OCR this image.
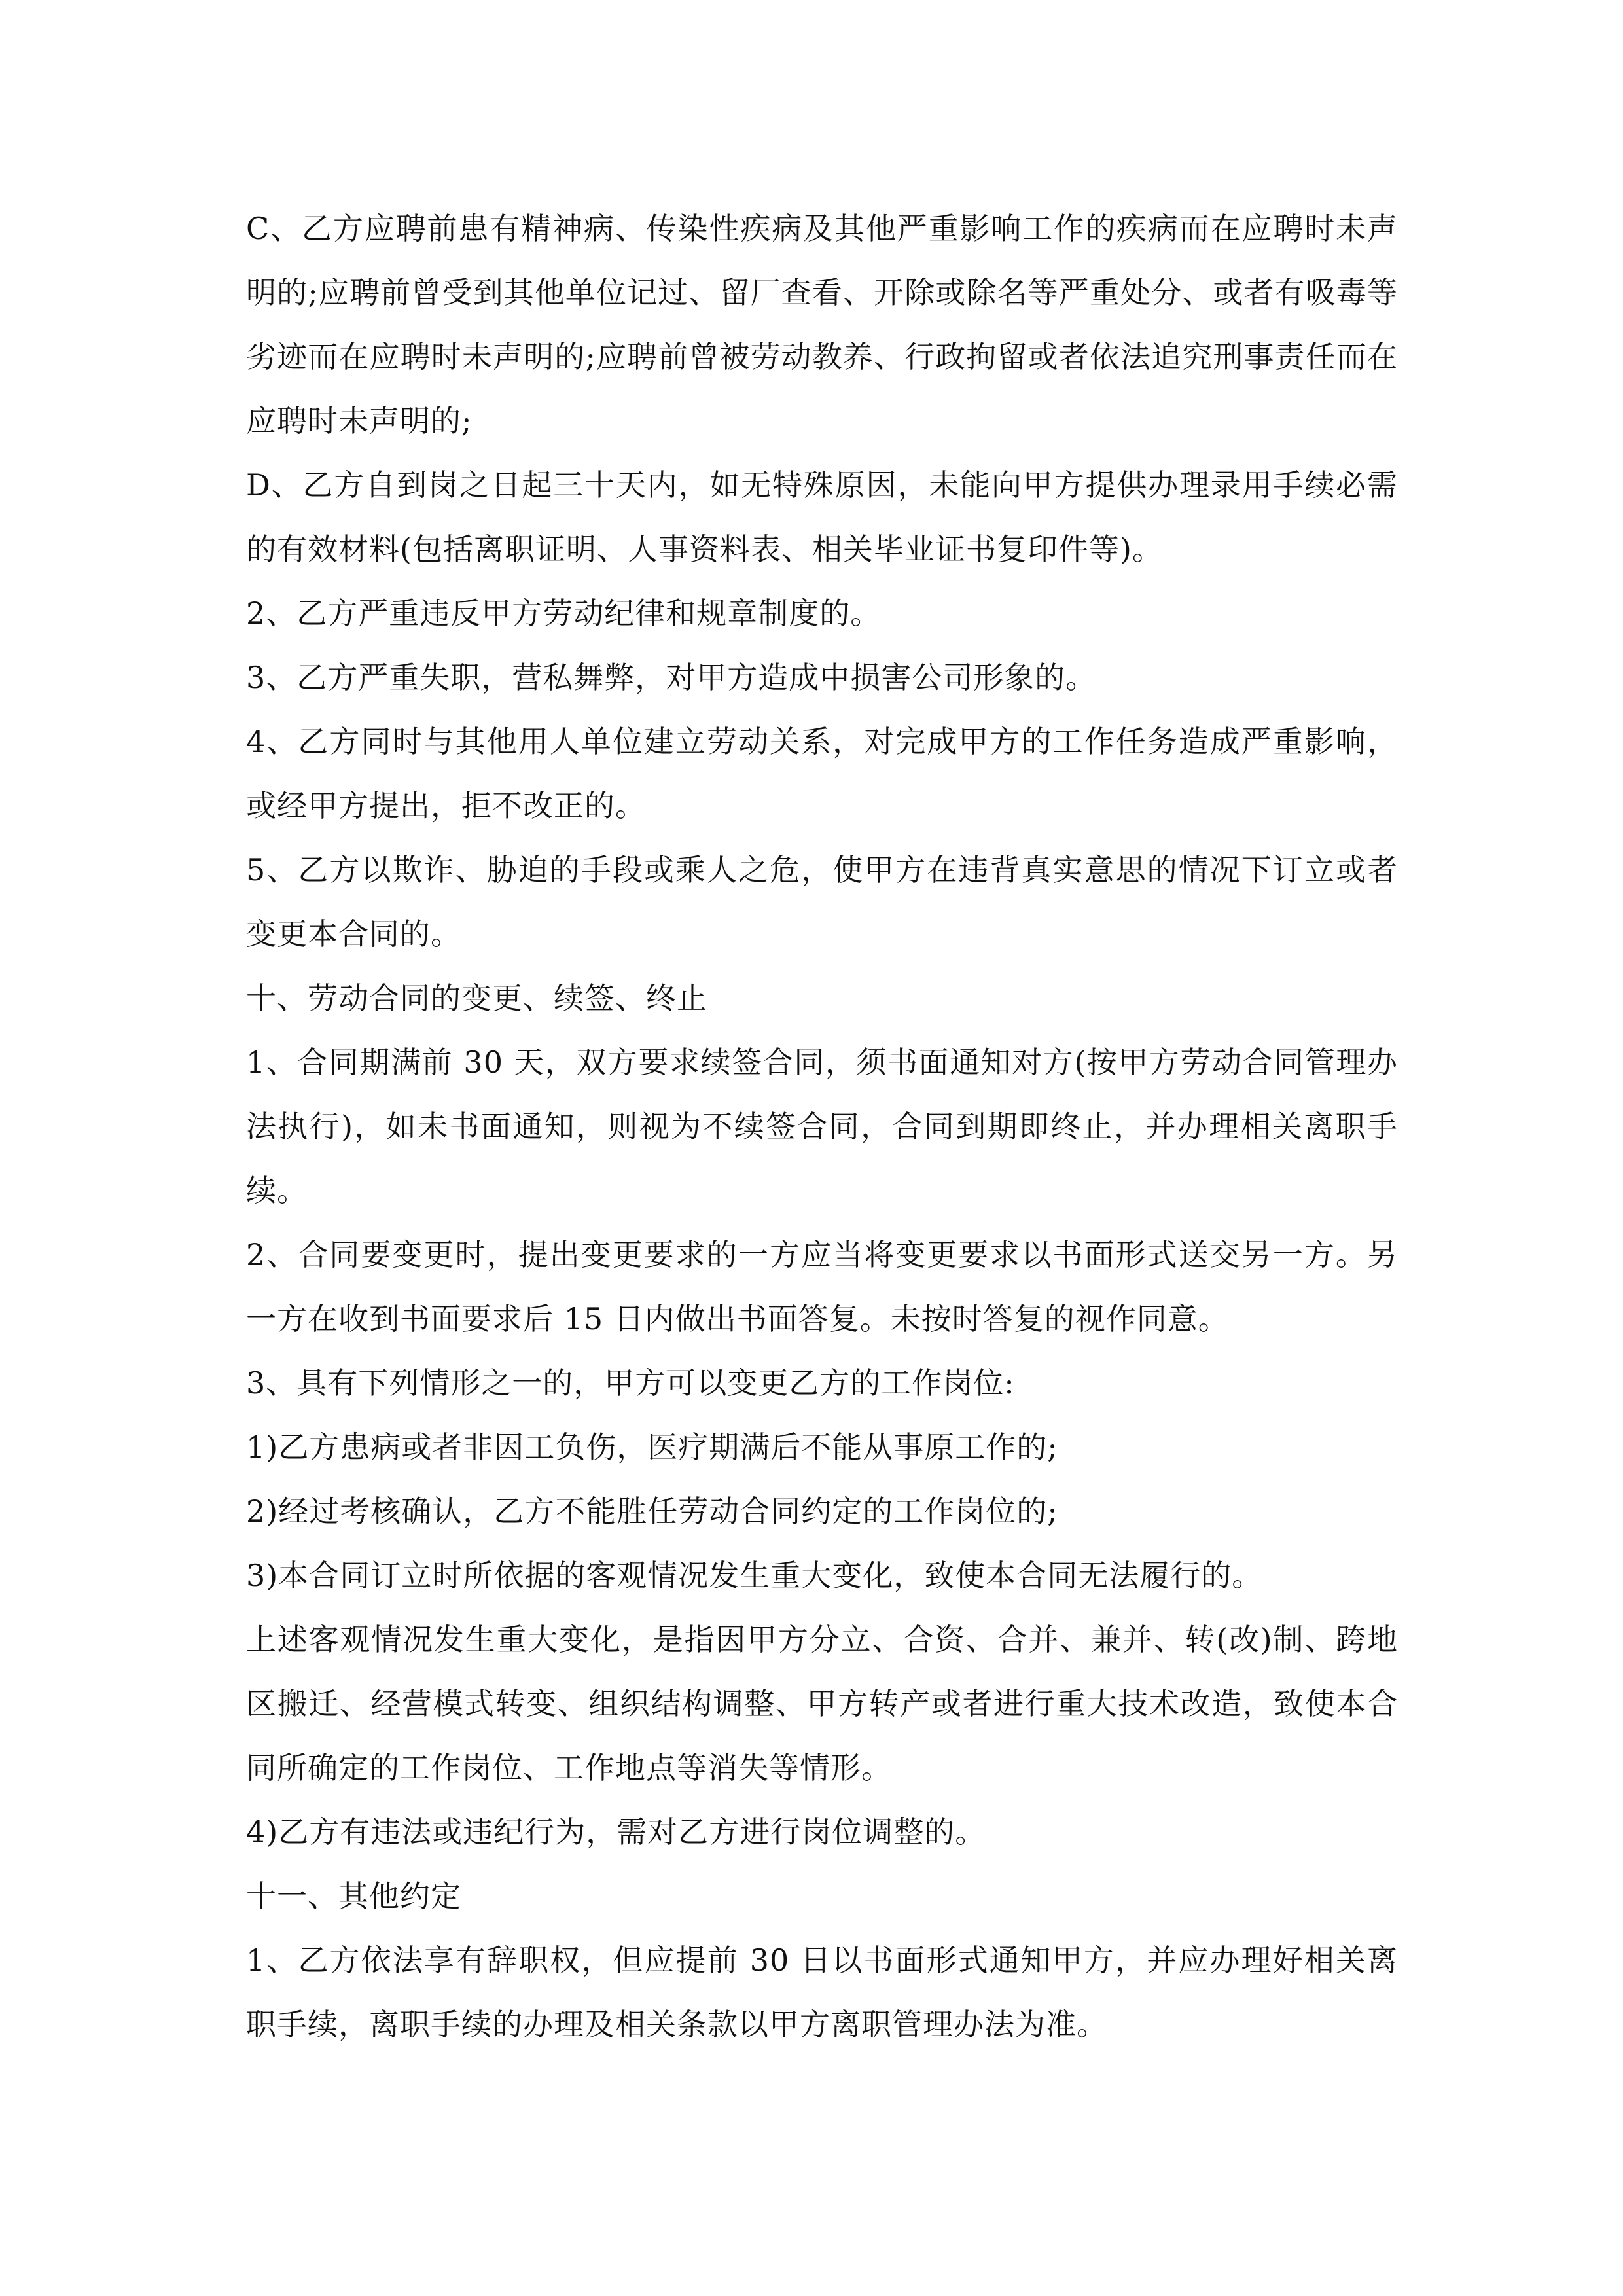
C、乙方应聘前患有精神病、传染性疾病及其他严重影响工作的疾病而在应聘时未声明的;应聘前曾受到其他单位记过、留厂查看、开除或除名等严重处分、或者有吸毒等劣迹而在应聘时未声明的;应聘前曾被劳动教养、行政拘留或者依法追究刑事责任而在应聘时未声明的;

D、乙方自到岗之日起三十天内，如无特殊原因，未能向甲方提供办理录用手续必需的有效材料(包括离职证明、人事资料表、相关毕业证书复印件等)。

2、乙方严重违反甲方劳动纪律和规章制度的。

3、乙方严重失职，营私舞弊，对甲方造成中损害公司形象的。

4、乙方同时与其他用人单位建立劳动关系，对完成甲方的工作任务造成严重影响，或经甲方提出，拒不改正的。

5、乙方以欺诈、胁迫的手段或乘人之危，使甲方在违背真实意思的情况下订立或者变更本合同的。

十、劳动合同的变更、续签、终止

1、合同期满前 30 天，双方要求续签合同，须书面通知对方(按甲方劳动合同管理办法执行)，如未书面通知，则视为不续签合同，合同到期即终止，并办理相关离职手续。

2、合同要变更时，提出变更要求的一方应当将变更要求以书面形式送交另一方。另一方在收到书面要求后 15 日内做出书面答复。未按时答复的视作同意。

3、具有下列情形之一的，甲方可以变更乙方的工作岗位:

1)乙方患病或者非因工负伤，医疗期满后不能从事原工作的;

2)经过考核确认，乙方不能胜任劳动合同约定的工作岗位的;

3)本合同订立时所依据的客观情况发生重大变化，致使本合同无法履行的。

上述客观情况发生重大变化，是指因甲方分立、合资、合并、兼并、转(改)制、跨地区搬迁、经营模式转变、组织结构调整、甲方转产或者进行重大技术改造，致使本合同所确定的工作岗位、工作地点等消失等情形。

4)乙方有违法或违纪行为，需对乙方进行岗位调整的。

十一、其他约定

1、乙方依法享有辞职权，但应提前 30 日以书面形式通知甲方，并应办理好相关离职手续，离职手续的办理及相关条款以甲方离职管理办法为准。
